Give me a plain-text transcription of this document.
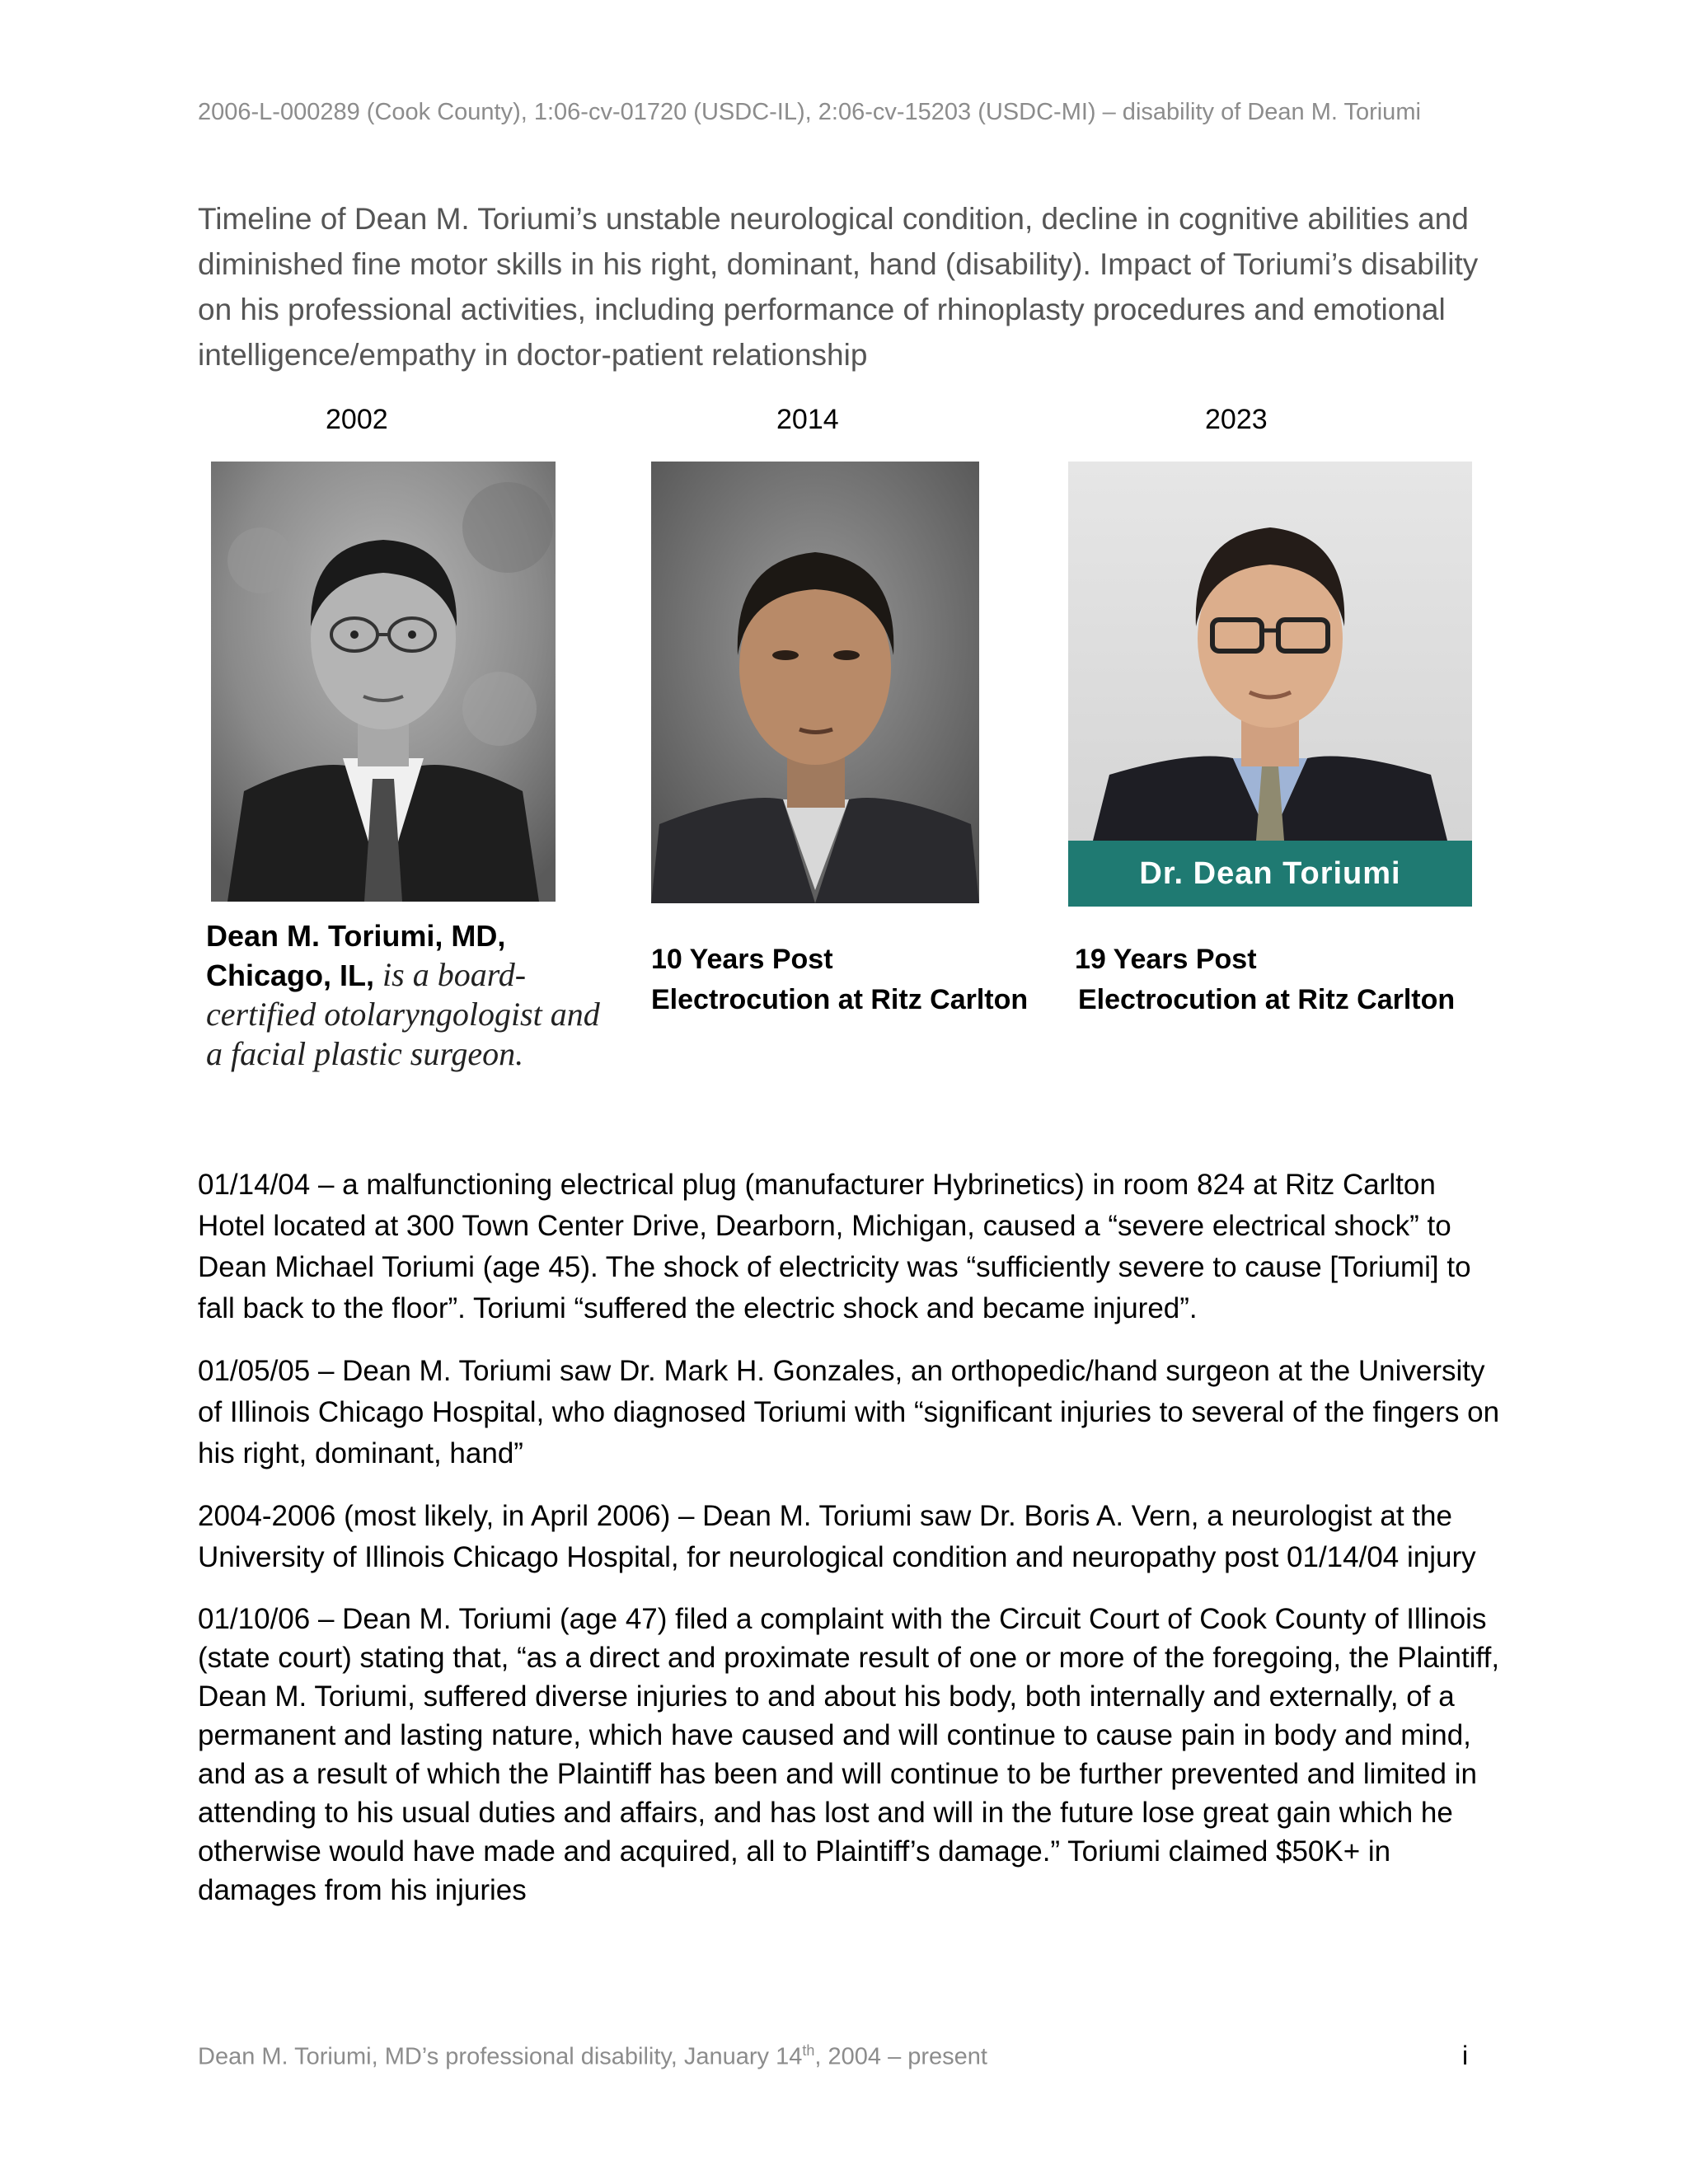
2006-L-000289 (Cook County), 1:06-cv-01720 (USDC-IL), 2:06-cv-15203 (USDC-MI) – disability of Dean M. Toriumi
Timeline of Dean M. Toriumi’s unstable neurological condition, decline in cognitive abilities and diminished fine motor skills in his right, dominant, hand (disability). Impact of Toriumi’s disability on his professional activities, including performance of rhinoplasty procedures and emotional intelligence/empathy in doctor-patient relationship
2002	2014	2023
Dr. Dean Toriumi
Dean M. Toriumi, MD,
Chicago, IL, is a board-certified otolaryngologist and a facial plastic surgeon.
10 Years Post
Electrocution at Ritz Carlton
19 Years Post
Electrocution at Ritz Carlton

01/14/04 – a malfunctioning electrical plug (manufacturer Hybrinetics) in room 824 at Ritz Carlton Hotel located at 300 Town Center Drive, Dearborn, Michigan, caused a “severe electrical shock” to Dean Michael Toriumi (age 45). The shock of electricity was “sufficiently severe to cause [Toriumi] to fall back to the floor”. Toriumi “suffered the electric shock and became injured”.

01/05/05 – Dean M. Toriumi saw Dr. Mark H. Gonzales, an orthopedic/hand surgeon at the University of Illinois Chicago Hospital, who diagnosed Toriumi with “significant injuries to several of the fingers on his right, dominant, hand”

2004-2006 (most likely, in April 2006) – Dean M. Toriumi saw Dr. Boris A. Vern, a neurologist at the University of Illinois Chicago Hospital, for neurological condition and neuropathy post 01/14/04 injury

01/10/06 – Dean M. Toriumi (age 47) filed a complaint with the Circuit Court of Cook County of Illinois (state court) stating that, “as a direct and proximate result of one or more of the foregoing, the Plaintiff, Dean M. Toriumi, suffered diverse injuries to and about his body, both internally and externally, of a permanent and lasting nature, which have caused and will continue to cause pain in body and mind, and as a result of which the Plaintiff has been and will continue to be further prevented and limited in attending to his usual duties and affairs, and has lost and will in the future lose great gain which he otherwise would have made and acquired, all to Plaintiff’s damage.” Toriumi claimed $50K+ in damages from his injuries

Dean M. Toriumi, MD’s professional disability, January 14th, 2004 – present	i
